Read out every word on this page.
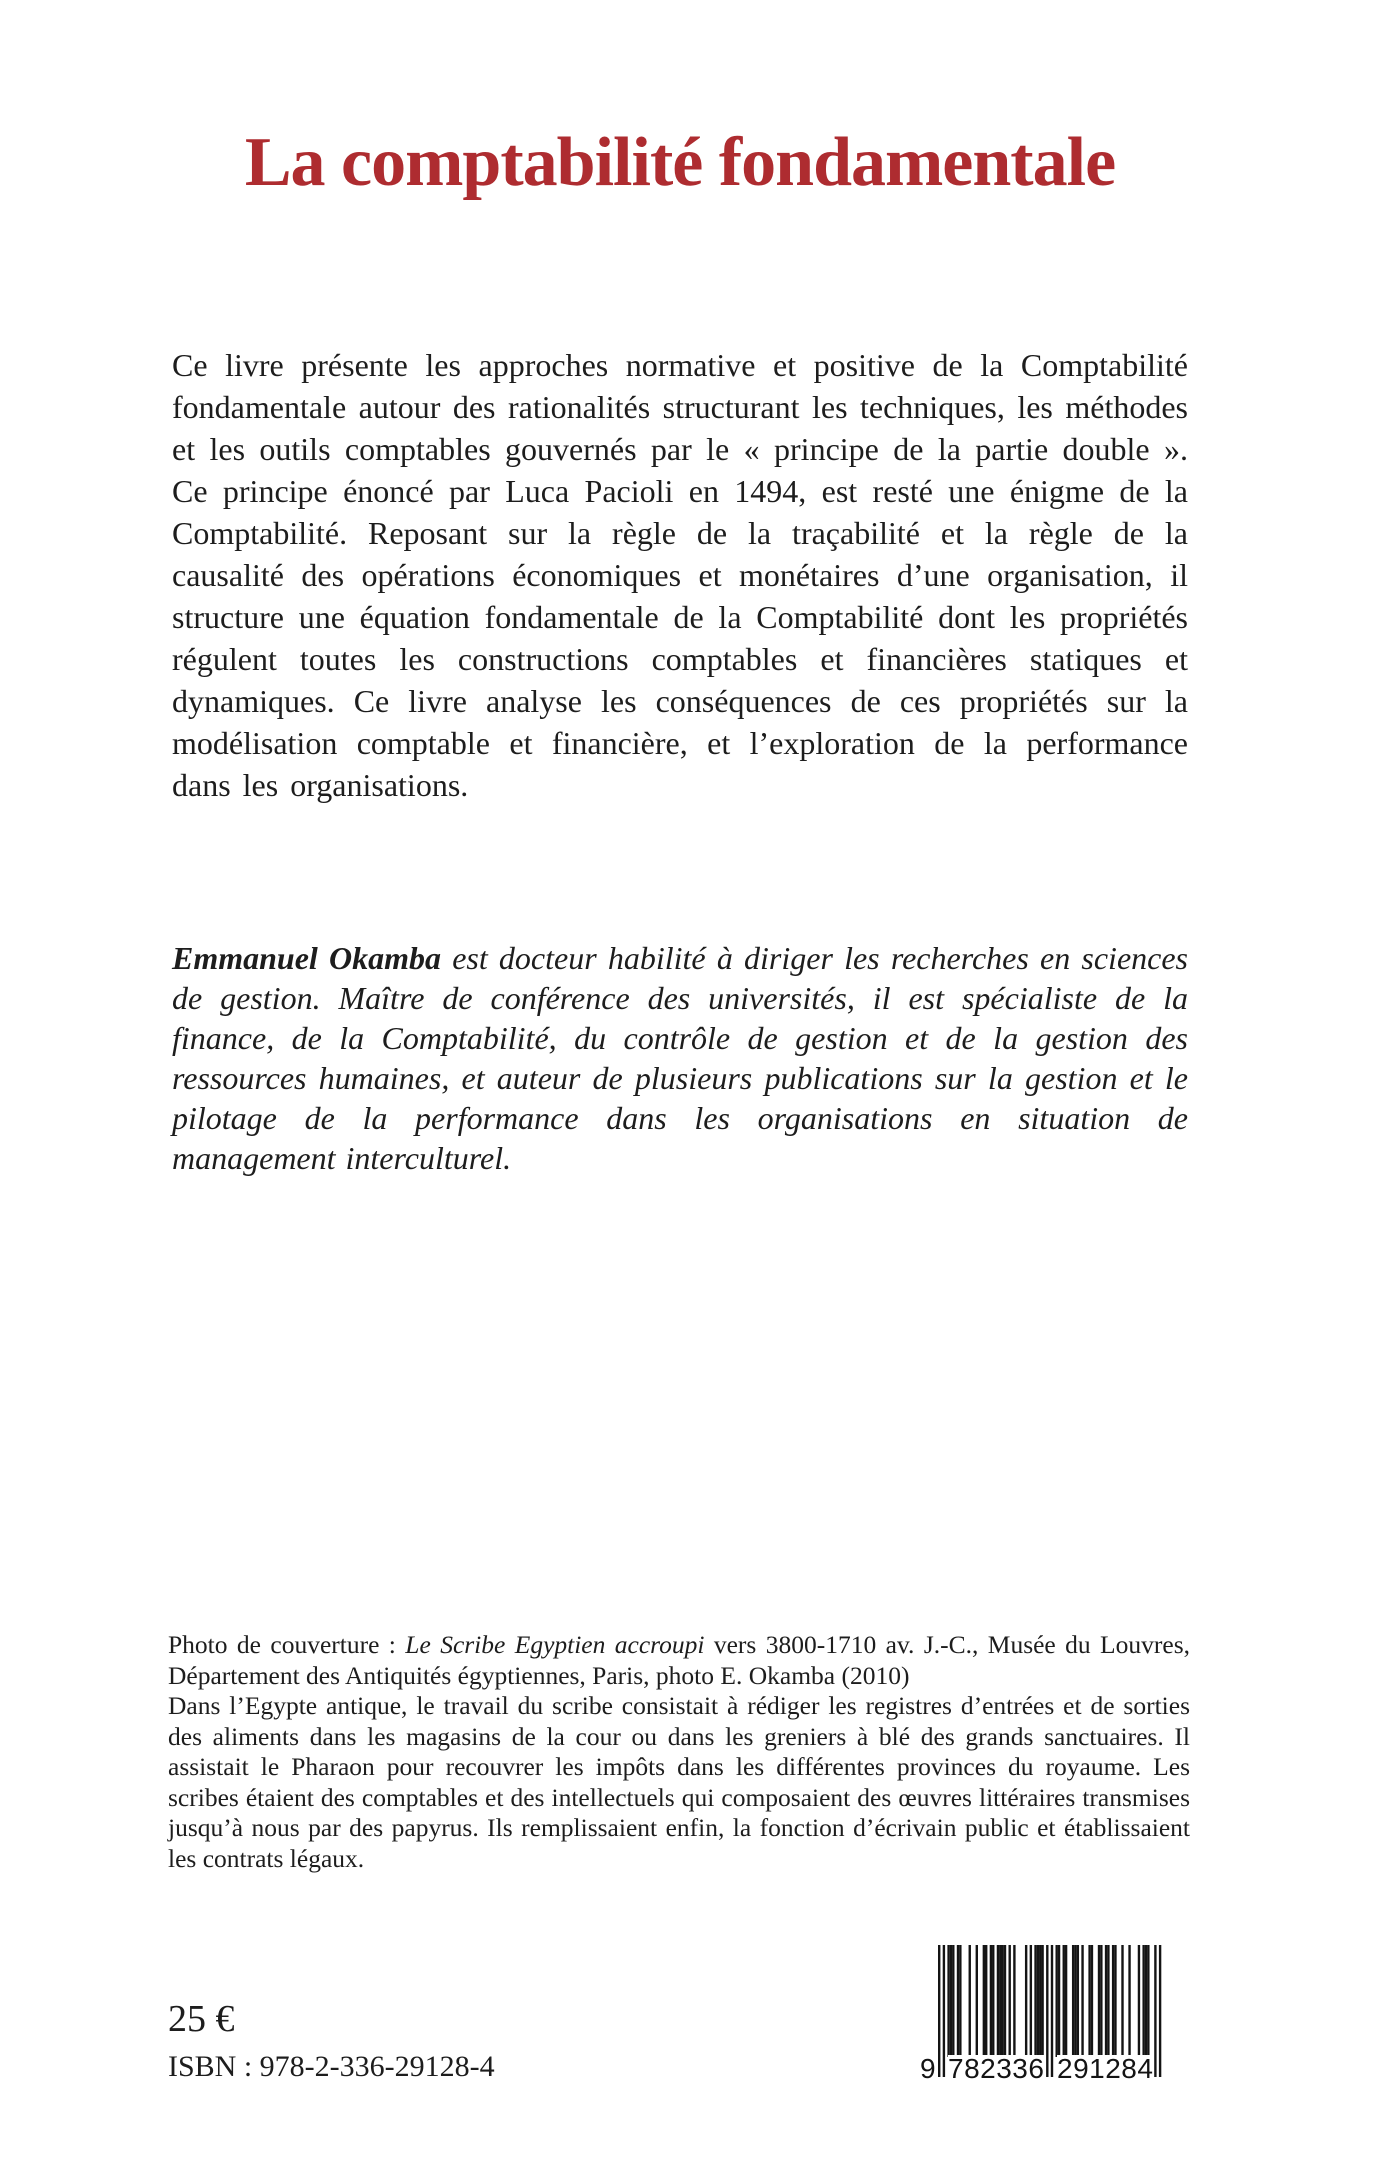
La comptabilité fondamentale

Ce livre présente les approches normative et positive de la Comptabilité fondamentale autour des rationalités structurant les techniques, les méthodes et les outils comptables gouvernés par le « principe de la partie double ». Ce principe énoncé par Luca Pacioli en 1494, est resté une énigme de la Comptabilité. Reposant sur la règle de la traçabilité et la règle de la causalité des opérations économiques et monétaires d’une organisation, il structure une équation fondamentale de la Comptabilité dont les propriétés régulent toutes les constructions comptables et financières statiques et dynamiques. Ce livre analyse les conséquences de ces propriétés sur la modélisation comptable et financière, et l’exploration de la performance dans les organisations.

Emmanuel Okamba est docteur habilité à diriger les recherches en sciences de gestion. Maître de conférence des universités, il est spécialiste de la finance, de la Comptabilité, du contrôle de gestion et de la gestion des ressources humaines, et auteur de plusieurs publications sur la gestion et le pilotage de la performance dans les organisations en situation de management interculturel.

Photo de couverture : Le Scribe Egyptien accroupi vers 3800-1710 av. J.-C., Musée du Louvres, Département des Antiquités égyptiennes, Paris, photo E. Okamba (2010)

Dans l’Egypte antique, le travail du scribe consistait à rédiger les registres d’entrées et de sorties des aliments dans les magasins de la cour ou dans les greniers à blé des grands sanctuaires. Il assistait le Pharaon pour recouvrer les impôts dans les différentes provinces du royaume. Les scribes étaient des comptables et des intellectuels qui composaient des œuvres littéraires transmises jusqu’à nous par des papyrus. Ils remplissaient enfin, la fonction d’écrivain public et établissaient les contrats légaux.

25 €
ISBN : 978-2-336-29128-4	9 782336 291284
